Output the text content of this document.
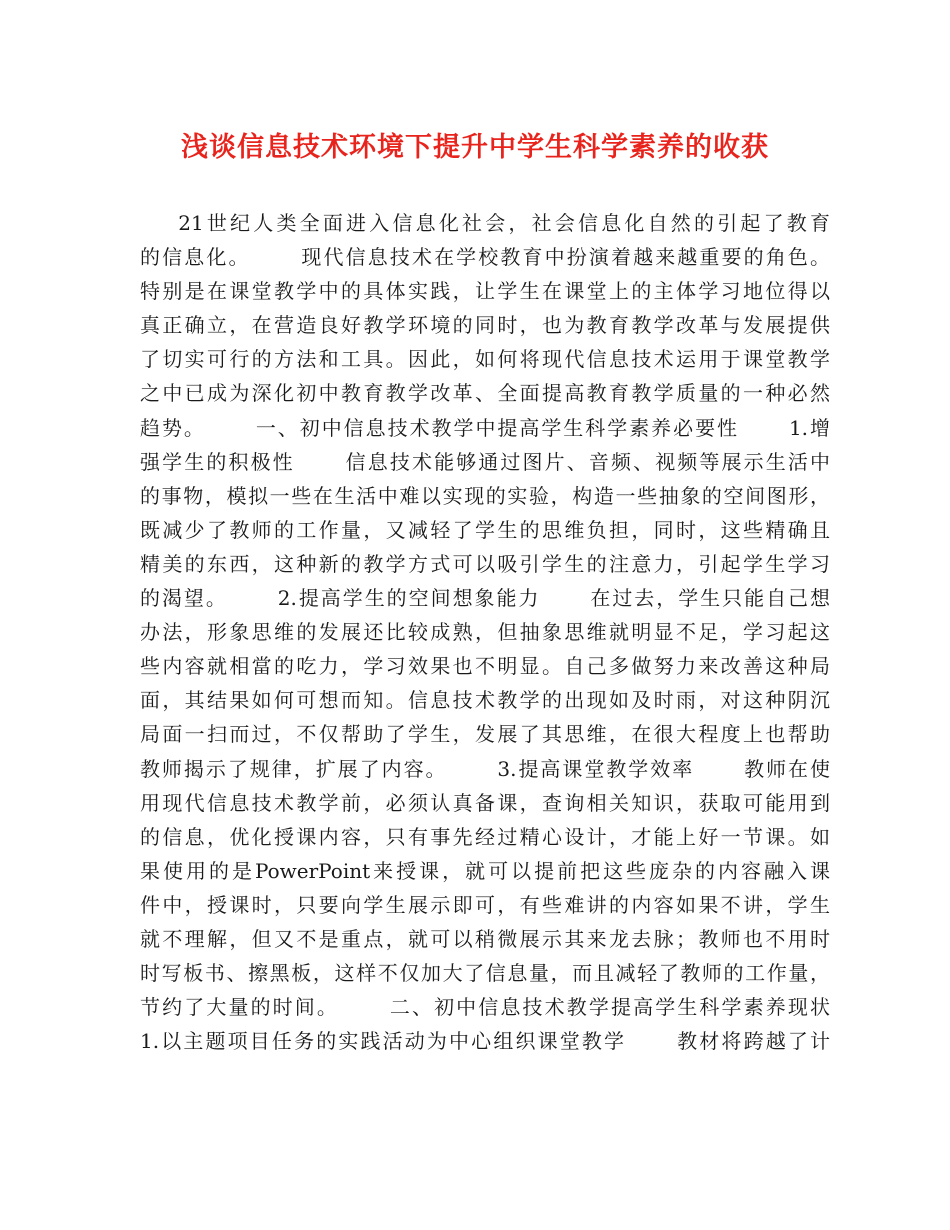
浅谈信息技术环境下提升中学生科学素养的收获
21世纪人类全面进入信息化社会，社会信息化自然的引起了教育
的信息化。      现代信息技术在学校教育中扮演着越来越重要的角色。
特别是在课堂教学中的具体实践，让学生在课堂上的主体学习地位得以
真正确立，在营造良好教学环境的同时，也为教育教学改革与发展提供
了切实可行的方法和工具。因此，如何将现代信息技术运用于课堂教学
之中已成为深化初中教育教学改革、全面提高教育教学质量的一种必然
趋势。      一、初中信息技术教学中提高学生科学素养必要性      1.增
强学生的积极性      信息技术能够通过图片、音频、视频等展示生活中
的事物，模拟一些在生活中难以实现的实验，构造一些抽象的空间图形，
既减少了教师的工作量，又减轻了学生的思维负担，同时，这些精确且
精美的东西，这种新的教学方式可以吸引学生的注意力，引起学生学习
的渴望。      2.提高学生的空间想象能力      在过去，学生只能自己想
办法，形象思维的发展还比较成熟，但抽象思维就明显不足，学习起这
些内容就相當的吃力，学习效果也不明显。自己多做努力来改善这种局
面，其结果如何可想而知。信息技术教学的出现如及时雨，对这种阴沉
局面一扫而过，不仅帮助了学生，发展了其思维，在很大程度上也帮助
教师揭示了规律，扩展了内容。      3.提高课堂教学效率      教师在使
用现代信息技术教学前，必须认真备课，查询相关知识，获取可能用到
的信息，优化授课内容，只有事先经过精心设计，才能上好一节课。如
果使用的是PowerPoint来授课，就可以提前把这些庞杂的内容融入课
件中，授课时，只要向学生展示即可，有些难讲的内容如果不讲，学生
就不理解，但又不是重点，就可以稍微展示其来龙去脉；教师也不用时
时写板书、擦黑板，这样不仅加大了信息量，而且减轻了教师的工作量，
节约了大量的时间。      二、初中信息技术教学提高学生科学素养现状
1.以主题项目任务的实践活动为中心组织课堂教学      教材将跨越了计
